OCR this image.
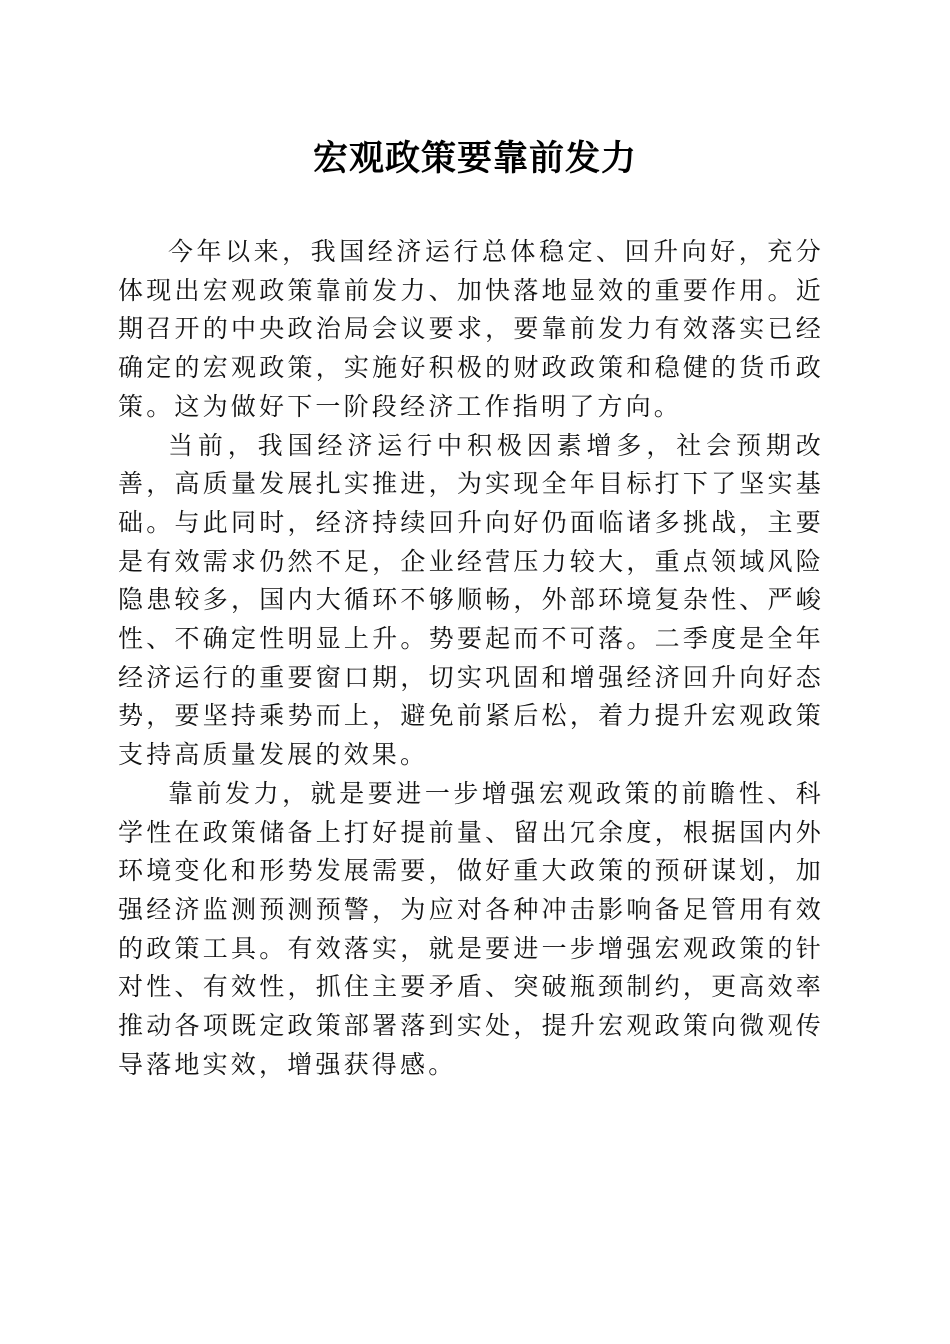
宏观政策要靠前发力

今年以来，我国经济运行总体稳定、回升向好，充分体现出宏观政策靠前发力、加快落地显效的重要作用。近期召开的中央政治局会议要求，要靠前发力有效落实已经确定的宏观政策，实施好积极的财政政策和稳健的货币政策。这为做好下一阶段经济工作指明了方向。

当前，我国经济运行中积极因素增多，社会预期改善，高质量发展扎实推进，为实现全年目标打下了坚实基础。与此同时，经济持续回升向好仍面临诸多挑战，主要是有效需求仍然不足，企业经营压力较大，重点领域风险隐患较多，国内大循环不够顺畅，外部环境复杂性、严峻性、不确定性明显上升。势要起而不可落。二季度是全年经济运行的重要窗口期，切实巩固和增强经济回升向好态势，要坚持乘势而上，避免前紧后松，着力提升宏观政策支持高质量发展的效果。

靠前发力，就是要进一步增强宏观政策的前瞻性、科学性在政策储备上打好提前量、留出冗余度，根据国内外环境变化和形势发展需要，做好重大政策的预研谋划，加强经济监测预测预警，为应对各种冲击影响备足管用有效的政策工具。有效落实，就是要进一步增强宏观政策的针对性、有效性，抓住主要矛盾、突破瓶颈制约，更高效率推动各项既定政策部署落到实处，提升宏观政策向微观传导落地实效，增强获得感。
